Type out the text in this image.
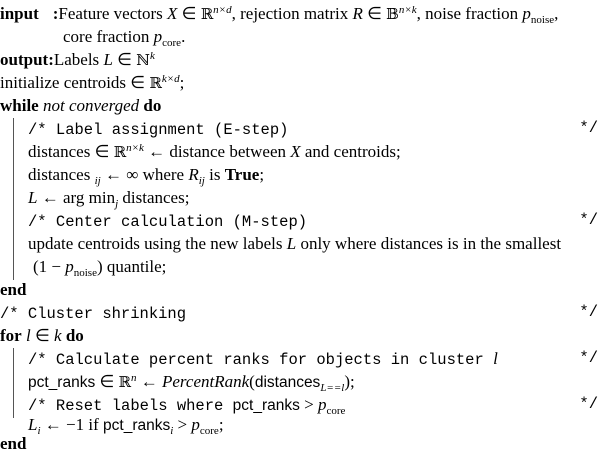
input :Feature vectors X ∈ ℝ$^{n\times d}$, rejection matrix R ∈ 𝔹$^{n\times k}$, noise fraction $p_{noise}$,
core fraction $p_{core}$.
output:Labels L ∈ ℕ$^k$
initialize centroids ∈ ℝ$^{k\times d}$;
while not converged do
/* Label assignment (E-step)	*/
distances ∈ ℝ$^{n\times k}$ ← distance between X and centroids;
distances $_{ij}$ ← ∞ where $R_{ij}$ is True;
L ← arg $\min_j$ distances;
/* Center calculation (M-step)	*/
update centroids using the new labels L only where distances is in the smallest
$(1 - p_{noise})$ quantile;
end
/* Cluster shrinking	*/
for l ∈ k do
/* Calculate percent ranks for objects in cluster l	*/
pct_ranks ∈ ℝ$^n$ ← PercentRank(distances$_{L==l}$);
/* Reset labels where pct_ranks > $p_{core}$	*/
$L_i$ ← −1 if pct_ranks$_i$ > $p_{core}$;
end
